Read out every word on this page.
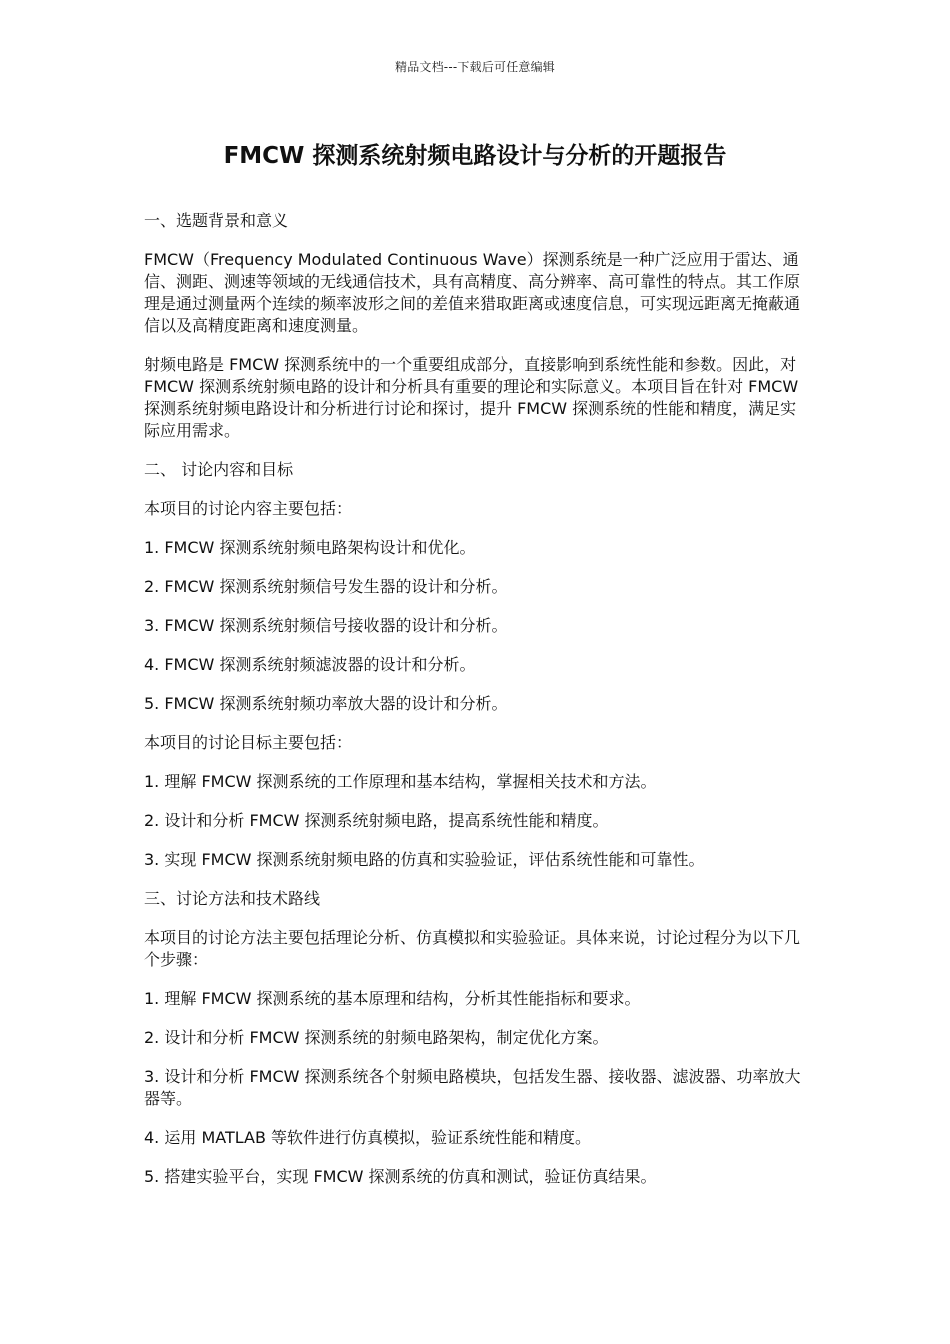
精品文档---下载后可任意编辑
FMCW 探测系统射频电路设计与分析的开题报告

一、选题背景和意义

FMCW（Frequency Modulated Continuous Wave）探测系统是一种广泛应用于雷达、通信、测距、测速等领域的无线通信技术，具有高精度、高分辨率、高可靠性的特点。其工作原理是通过测量两个连续的频率波形之间的差值来猎取距离或速度信息，可实现远距离无掩蔽通信以及高精度距离和速度测量。

射频电路是 FMCW 探测系统中的一个重要组成部分，直接影响到系统性能和参数。因此，对 FMCW 探测系统射频电路的设计和分析具有重要的理论和实际意义。本项目旨在针对 FMCW 探测系统射频电路设计和分析进行讨论和探讨，提升 FMCW 探测系统的性能和精度，满足实际应用需求。

二、 讨论内容和目标

本项目的讨论内容主要包括：

1. FMCW 探测系统射频电路架构设计和优化。

2. FMCW 探测系统射频信号发生器的设计和分析。

3. FMCW 探测系统射频信号接收器的设计和分析。

4. FMCW 探测系统射频滤波器的设计和分析。

5. FMCW 探测系统射频功率放大器的设计和分析。

本项目的讨论目标主要包括：

1. 理解 FMCW 探测系统的工作原理和基本结构，掌握相关技术和方法。

2. 设计和分析 FMCW 探测系统射频电路，提高系统性能和精度。

3. 实现 FMCW 探测系统射频电路的仿真和实验验证，评估系统性能和可靠性。

三、讨论方法和技术路线

本项目的讨论方法主要包括理论分析、仿真模拟和实验验证。具体来说，讨论过程分为以下几个步骤：

1. 理解 FMCW 探测系统的基本原理和结构，分析其性能指标和要求。

2. 设计和分析 FMCW 探测系统的射频电路架构，制定优化方案。

3. 设计和分析 FMCW 探测系统各个射频电路模块，包括发生器、接收器、滤波器、功率放大器等。

4. 运用 MATLAB 等软件进行仿真模拟，验证系统性能和精度。

5. 搭建实验平台，实现 FMCW 探测系统的仿真和测试，验证仿真结果。
